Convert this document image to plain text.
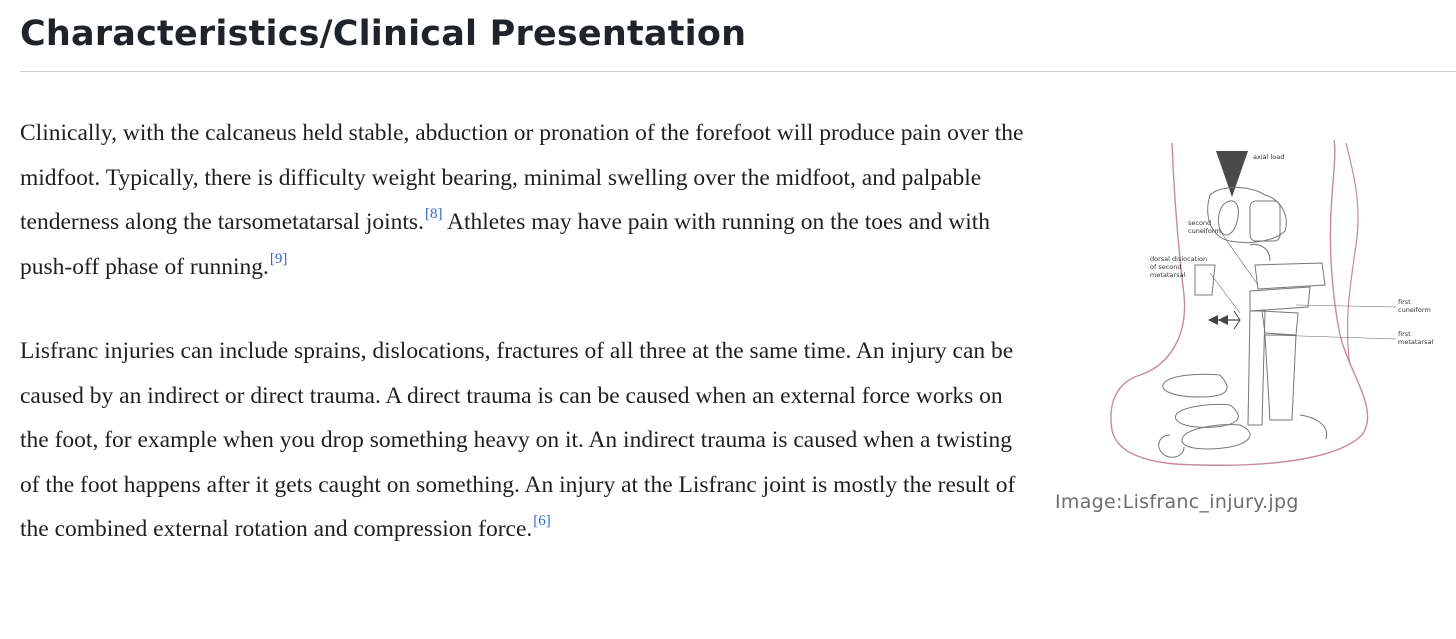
Characteristics/Clinical Presentation

Clinically, with the calcaneus held stable, abduction or pronation of the forefoot will produce pain over the midfoot. Typically, there is difficulty weight bearing, minimal swelling over the midfoot, and palpable tenderness along the tarsometatarsal joints.[8] Athletes may have pain with running on the toes and with push-off phase of running.[9]

Lisfranc injuries can include sprains, dislocations, fractures of all three at the same time. An injury can be caused by an indirect or direct trauma. A direct trauma is can be caused when an external force works on the foot, for example when you drop something heavy on it. An indirect trauma is caused when a twisting of the foot happens after it gets caught on something. An injury at the Lisfranc joint is mostly the result of the combined external rotation and compression force.[6]

axial load
second
cuneiform
dorsal dislocation
of second
metatarsal
first
cuneiform
first
metatarsal

Image:Lisfranc_injury.jpg
